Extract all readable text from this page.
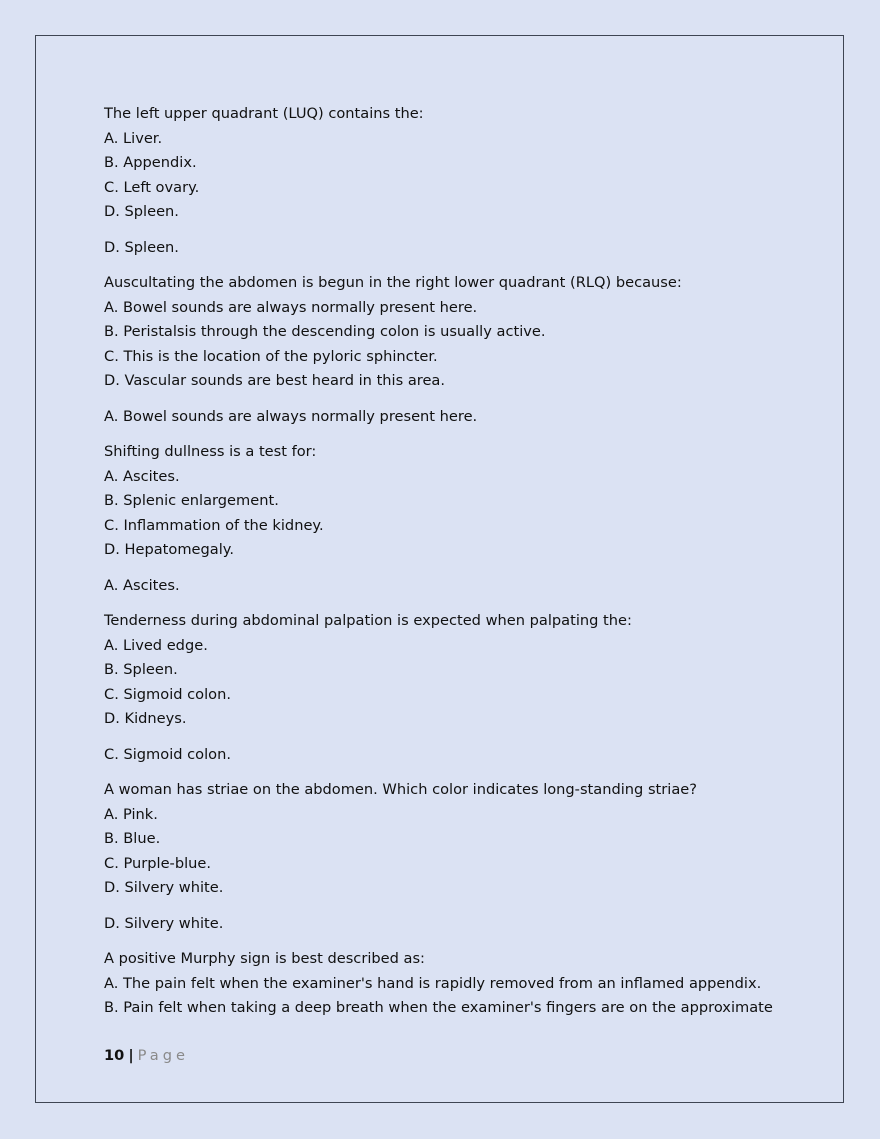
The left upper quadrant (LUQ) contains the:
A. Liver.
B. Appendix.
C. Left ovary.
D. Spleen.
D. Spleen.
Auscultating the abdomen is begun in the right lower quadrant (RLQ) because:
A. Bowel sounds are always normally present here.
B. Peristalsis through the descending colon is usually active.
C. This is the location of the pyloric sphincter.
D. Vascular sounds are best heard in this area.
A. Bowel sounds are always normally present here.
Shifting dullness is a test for:
A. Ascites.
B. Splenic enlargement.
C. Inflammation of the kidney.
D. Hepatomegaly.
A. Ascites.
Tenderness during abdominal palpation is expected when palpating the:
A. Lived edge.
B. Spleen.
C. Sigmoid colon.
D. Kidneys.
C. Sigmoid colon.
A woman has striae on the abdomen. Which color indicates long-standing striae?
A. Pink.
B. Blue.
C. Purple-blue.
D. Silvery white.
D. Silvery white.
A positive Murphy sign is best described as:
A. The pain felt when the examiner's hand is rapidly removed from an inflamed appendix.
B. Pain felt when taking a deep breath when the examiner's fingers are on the approximate
10 | Page
